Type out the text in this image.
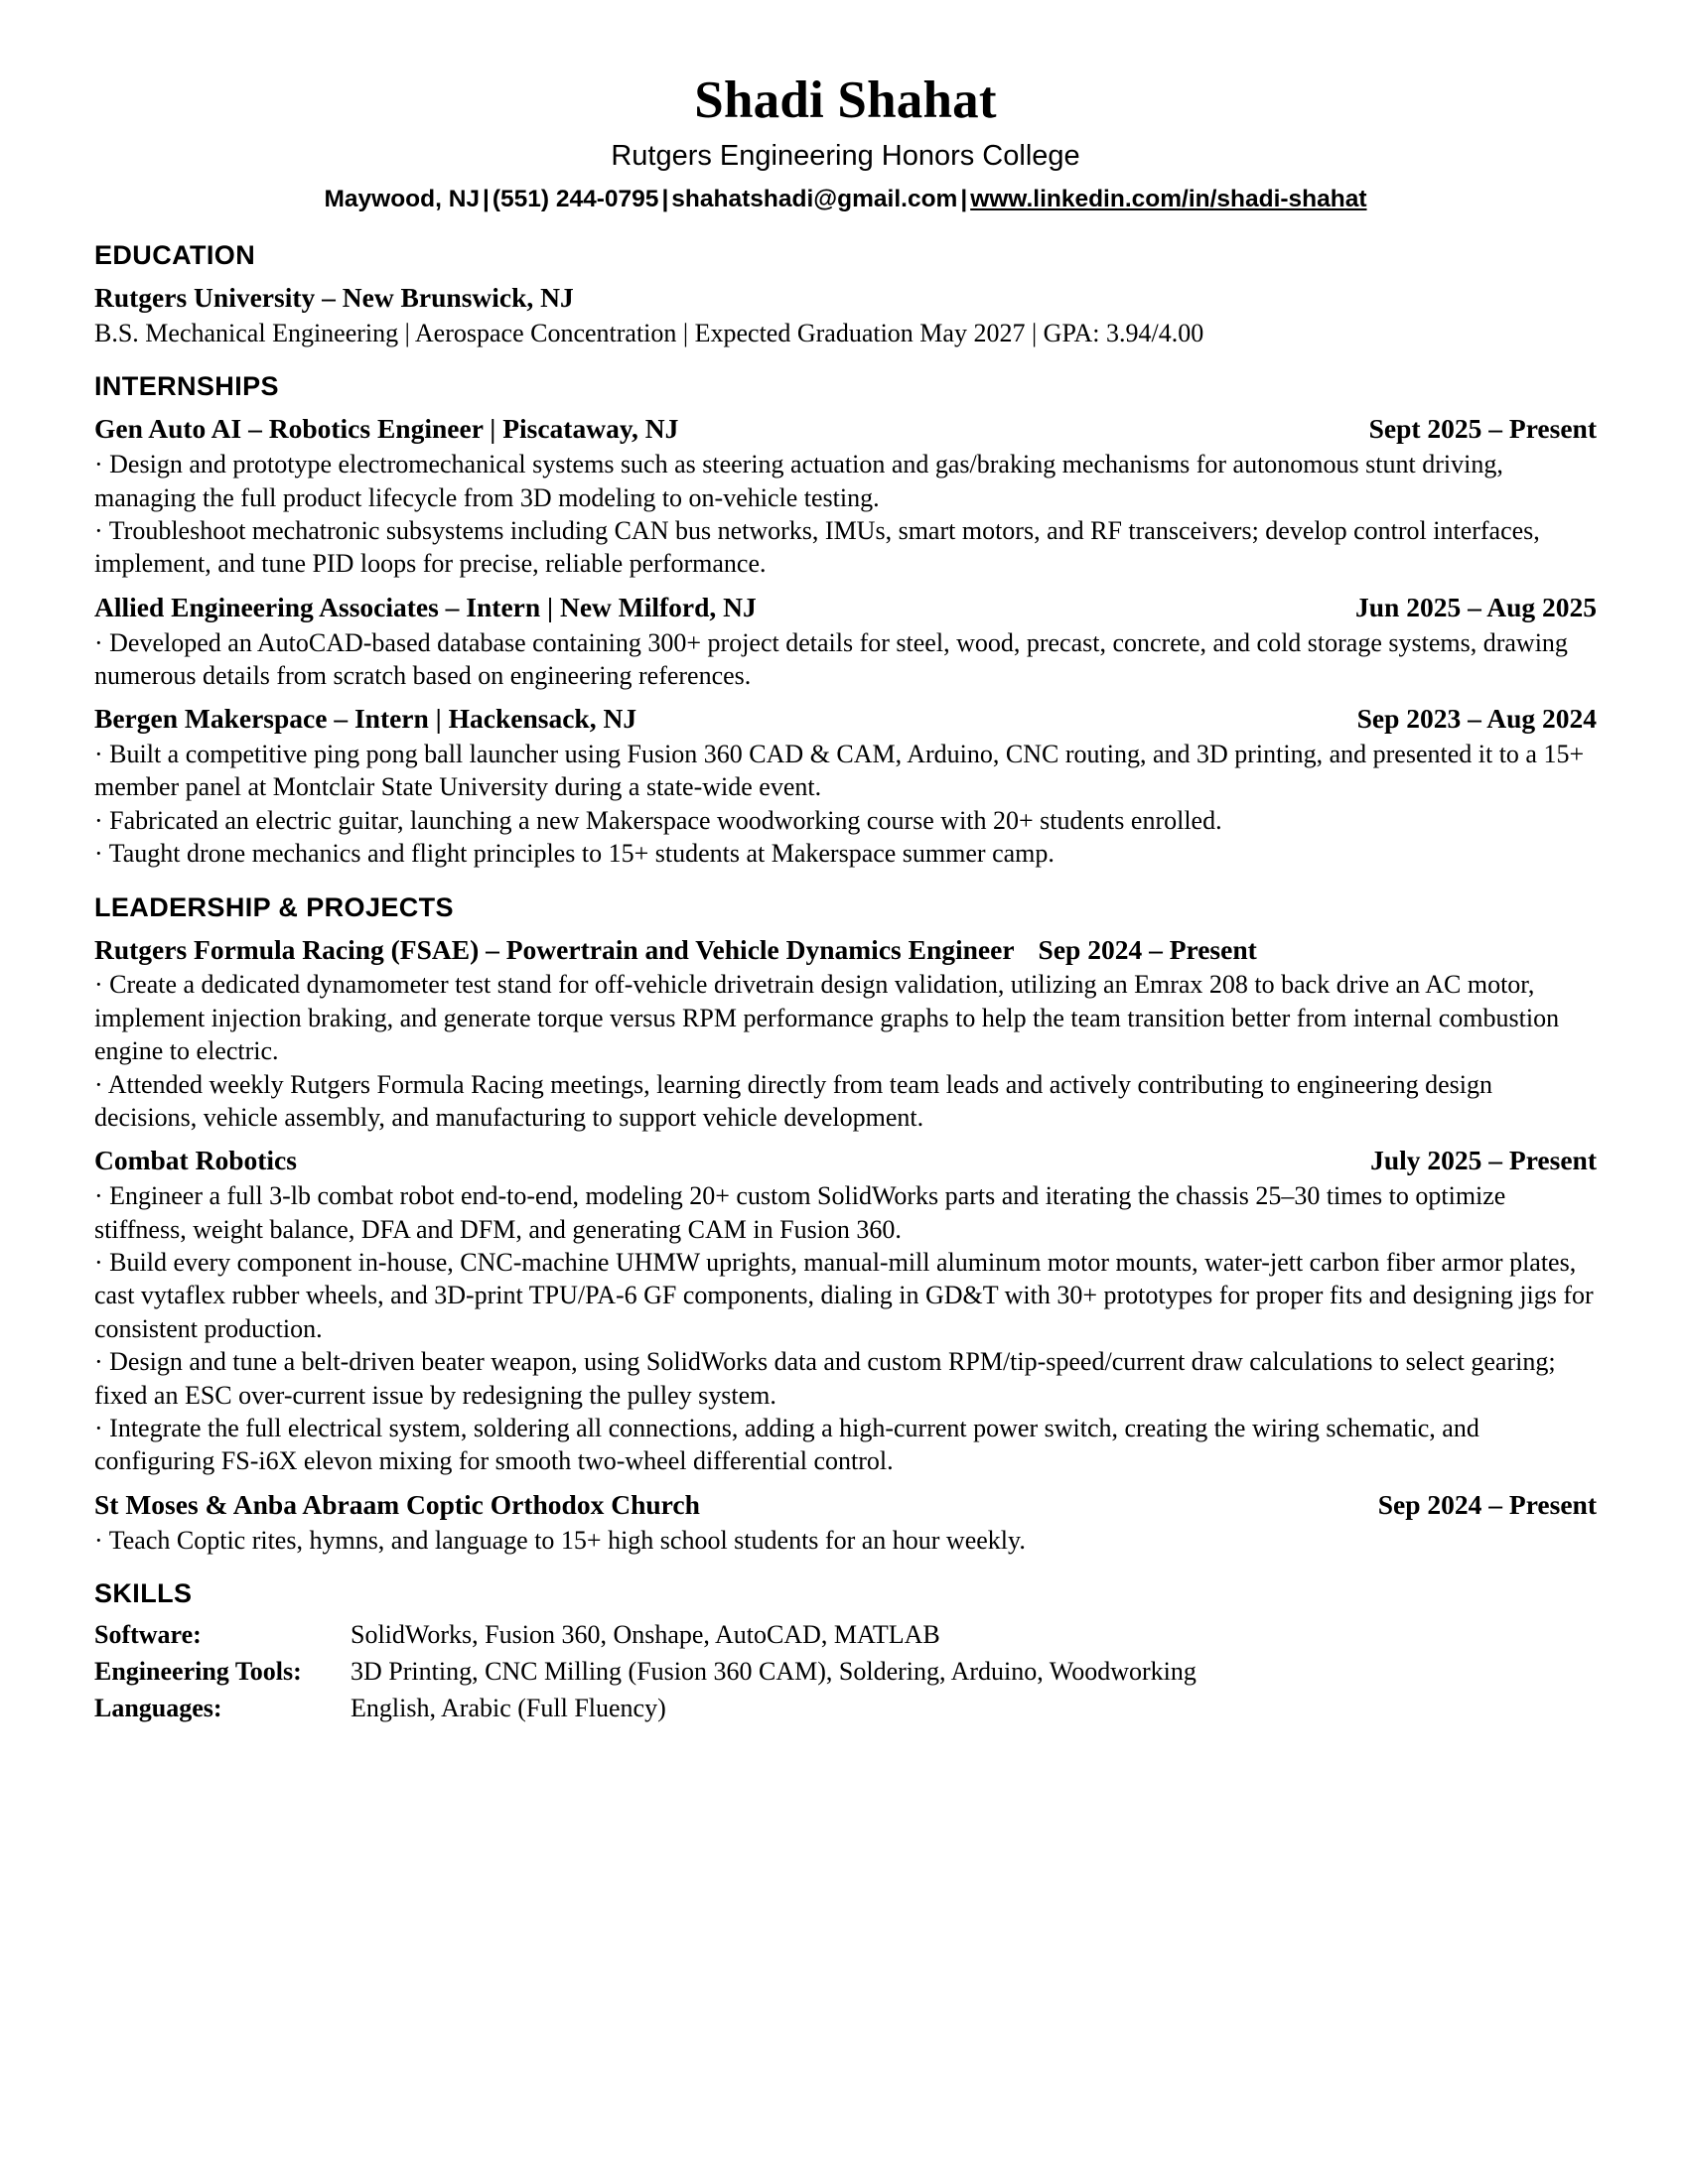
Shadi Shahat
Rutgers Engineering Honors College
Maywood, NJ | (551) 244-0795 | shahatshadi@gmail.com | www.linkedin.com/in/shadi-shahat
EDUCATION
Rutgers University – New Brunswick, NJ
B.S. Mechanical Engineering | Aerospace Concentration | Expected Graduation May 2027 | GPA: 3.94/4.00
INTERNSHIPS
Gen Auto AI – Robotics Engineer | Piscataway, NJ	Sept 2025 – Present
· Design and prototype electromechanical systems such as steering actuation and gas/braking mechanisms for autonomous stunt driving, managing the full product lifecycle from 3D modeling to on-vehicle testing.
· Troubleshoot mechatronic subsystems including CAN bus networks, IMUs, smart motors, and RF transceivers; develop control interfaces, implement, and tune PID loops for precise, reliable performance.
Allied Engineering Associates – Intern | New Milford, NJ	Jun 2025 – Aug 2025
· Developed an AutoCAD-based database containing 300+ project details for steel, wood, precast, concrete, and cold storage systems, drawing numerous details from scratch based on engineering references.
Bergen Makerspace – Intern | Hackensack, NJ	Sep 2023 – Aug 2024
· Built a competitive ping pong ball launcher using Fusion 360 CAD & CAM, Arduino, CNC routing, and 3D printing, and presented it to a 15+ member panel at Montclair State University during a state-wide event.
· Fabricated an electric guitar, launching a new Makerspace woodworking course with 20+ students enrolled.
· Taught drone mechanics and flight principles to 15+ students at Makerspace summer camp.
LEADERSHIP & PROJECTS
Rutgers Formula Racing (FSAE) – Powertrain and Vehicle Dynamics Engineer Sep 2024 – Present
· Create a dedicated dynamometer test stand for off-vehicle drivetrain design validation, utilizing an Emrax 208 to back drive an AC motor, implement injection braking, and generate torque versus RPM performance graphs to help the team transition better from internal combustion engine to electric.
· Attended weekly Rutgers Formula Racing meetings, learning directly from team leads and actively contributing to engineering design decisions, vehicle assembly, and manufacturing to support vehicle development.
Combat Robotics	July 2025 – Present
· Engineer a full 3-lb combat robot end-to-end, modeling 20+ custom SolidWorks parts and iterating the chassis 25–30 times to optimize stiffness, weight balance, DFA and DFM, and generating CAM in Fusion 360.
· Build every component in-house, CNC-machine UHMW uprights, manual-mill aluminum motor mounts, water-jett carbon fiber armor plates, cast vytaflex rubber wheels, and 3D-print TPU/PA-6 GF components, dialing in GD&T with 30+ prototypes for proper fits and designing jigs for consistent production.
· Design and tune a belt-driven beater weapon, using SolidWorks data and custom RPM/tip-speed/current draw calculations to select gearing; fixed an ESC over-current issue by redesigning the pulley system.
· Integrate the full electrical system, soldering all connections, adding a high-current power switch, creating the wiring schematic, and configuring FS-i6X elevon mixing for smooth two-wheel differential control.
St Moses & Anba Abraam Coptic Orthodox Church	Sep 2024 – Present
· Teach Coptic rites, hymns, and language to 15+ high school students for an hour weekly.
SKILLS
Software:	SolidWorks, Fusion 360, Onshape, AutoCAD, MATLAB
Engineering Tools:	3D Printing, CNC Milling (Fusion 360 CAM), Soldering, Arduino, Woodworking
Languages:	English, Arabic (Full Fluency)
